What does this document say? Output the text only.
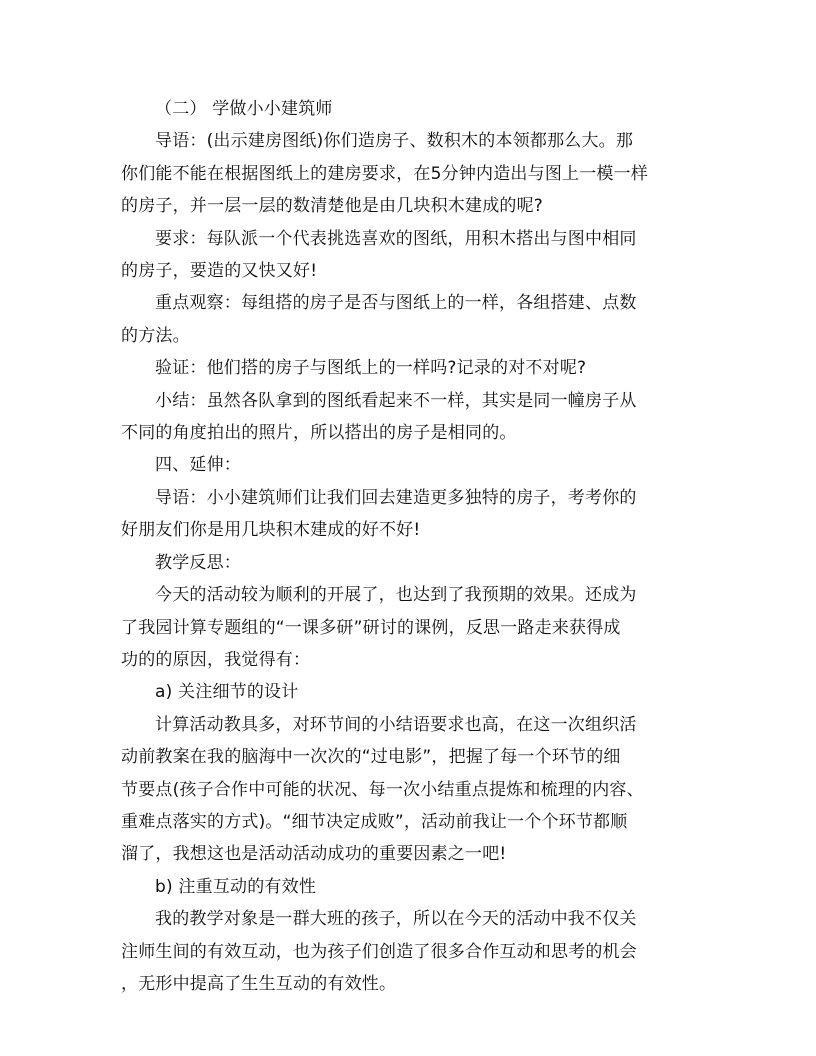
（二） 学做小小建筑师

导语：(出示建房图纸)你们造房子、数积木的本领都那么大。那
你们能不能在根据图纸上的建房要求，在5分钟内造出与图上一模一样
的房子，并一层一层的数清楚他是由几块积木建成的呢?

要求：每队派一个代表挑选喜欢的图纸，用积木搭出与图中相同
的房子，要造的又快又好!

重点观察：每组搭的房子是否与图纸上的一样，各组搭建、点数
的方法。

验证：他们搭的房子与图纸上的一样吗?记录的对不对呢?

小结：虽然各队拿到的图纸看起来不一样，其实是同一幢房子从
不同的角度拍出的照片，所以搭出的房子是相同的。

四、延伸：

导语：小小建筑师们让我们回去建造更多独特的房子，考考你的
好朋友们你是用几块积木建成的好不好!

教学反思：

今天的活动较为顺利的开展了，也达到了我预期的效果。还成为
了我园计算专题组的“一课多研”研讨的课例，反思一路走来获得成
功的的原因，我觉得有：

a) 关注细节的设计

计算活动教具多，对环节间的小结语要求也高，在这一次组织活
动前教案在我的脑海中一次次的“过电影”，把握了每一个环节的细
节要点(孩子合作中可能的状况、每一次小结重点提炼和梳理的内容、
重难点落实的方式)。“细节决定成败”，活动前我让一个个环节都顺
溜了，我想这也是活动活动成功的重要因素之一吧!

b) 注重互动的有效性

我的教学对象是一群大班的孩子，所以在今天的活动中我不仅关
注师生间的有效互动，也为孩子们创造了很多合作互动和思考的机会
，无形中提高了生生互动的有效性。
